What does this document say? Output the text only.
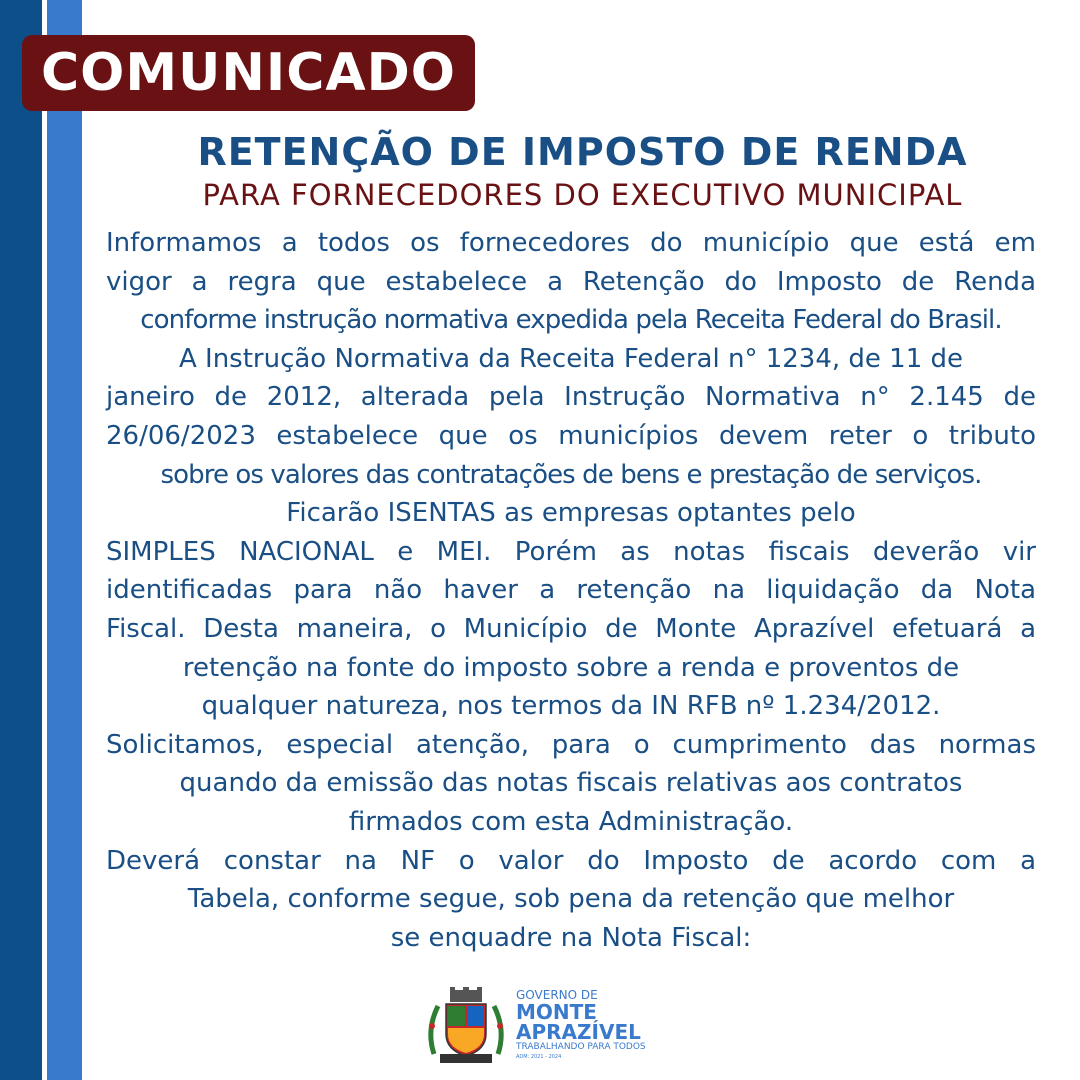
COMUNICADO
RETENÇÃO DE IMPOSTO DE RENDA
PARA FORNECEDORES DO EXECUTIVO MUNICIPAL
Informamos a todos os fornecedores do município que está em
vigor a regra que estabelece a Retenção do Imposto de Renda
conforme instrução normativa expedida pela Receita Federal do Brasil.
A Instrução Normativa da Receita Federal n° 1234, de 11 de
janeiro de 2012, alterada pela Instrução Normativa n° 2.145 de
26/06/2023 estabelece que os municípios devem reter o tributo
sobre os valores das contratações de bens e prestação de serviços.
Ficarão ISENTAS as empresas optantes pelo
SIMPLES NACIONAL e MEI. Porém as notas fiscais deverão vir
identificadas para não haver a retenção na liquidação da Nota
Fiscal. Desta maneira, o Município de Monte Aprazível efetuará a
retenção na fonte do imposto sobre a renda e proventos de
qualquer natureza, nos termos da IN RFB nº 1.234/2012.
Solicitamos, especial atenção, para o cumprimento das normas
quando da emissão das notas fiscais relativas aos contratos
firmados com esta Administração.
Deverá constar na NF o valor do Imposto de acordo com a
Tabela, conforme segue, sob pena da retenção que melhor
se enquadre na Nota Fiscal:
GOVERNO DE
MONTE
APRAZÍVEL
TRABALHANDO PARA TODOS
ADM: 2021 - 2024
